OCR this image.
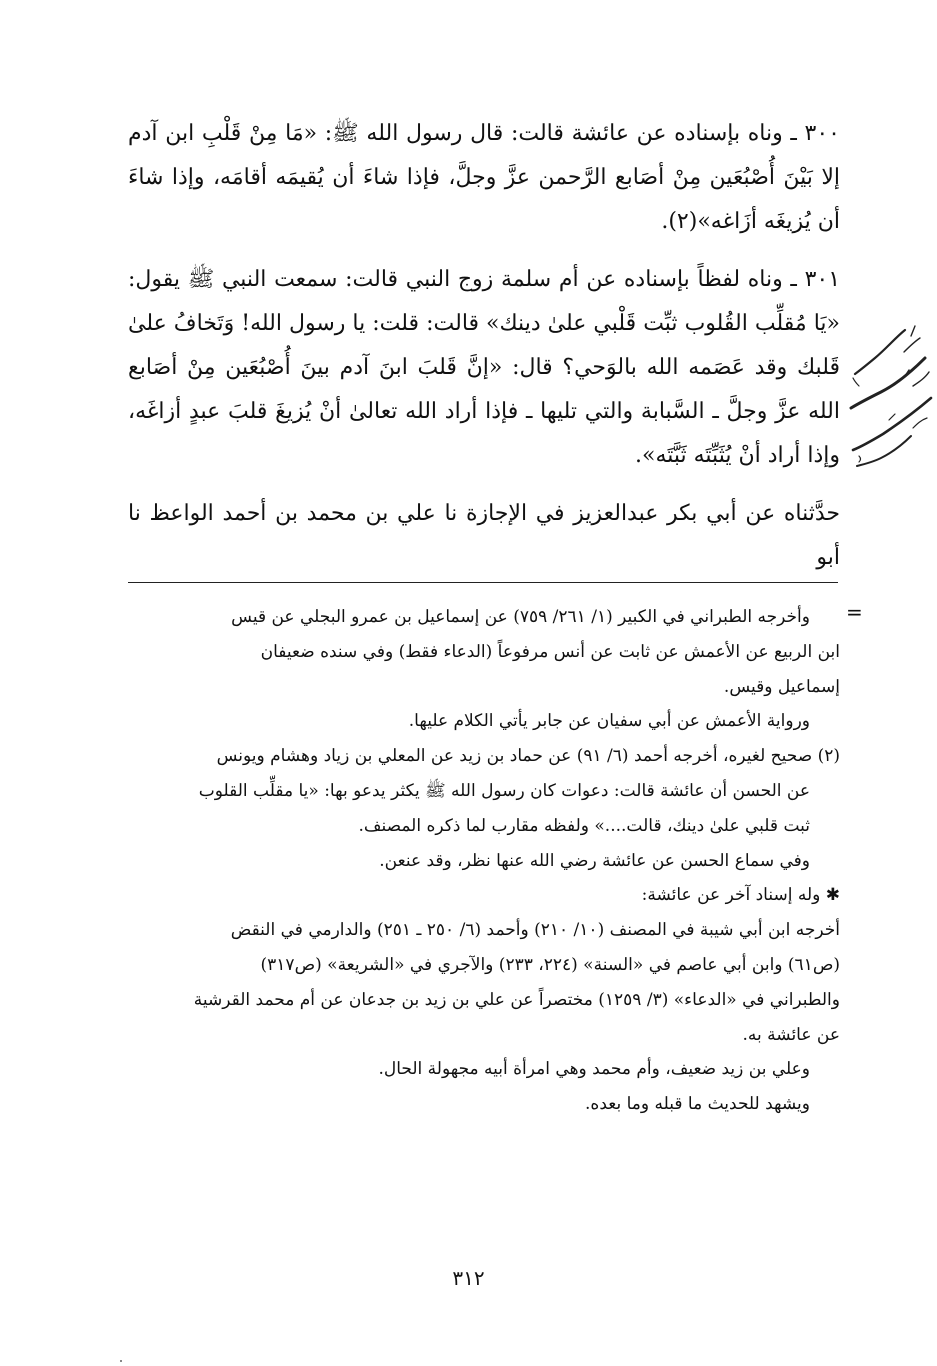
٣٠٠ ـ وناه بإسناده عن عائشة قالت: قال رسول الله ﷺ: «مَا مِنْ قَلْبِ ابن آدم إلا بَيْنَ أُصْبُعَين مِنْ أصَابع الرَّحمن عزَّ وجلَّ، فإذا شاءَ أن يُقيمَه أقامَه، وإذا شاءَ أن يُزيغَه أزَاغه»(٢).

٣٠١ ـ وناه لفظاً بإسناده عن أم سلمة زوج النبي قالت: سمعت النبي ﷺ يقول: «يَا مُقلِّب القُلوب ثبِّت قَلْبي علىٰ دينك» قالت: قلت: يا رسول الله! وَتَخافُ علىٰ قَلبك وقد عَصَمه الله بالوَحي؟ قال: «إنَّ قَلبَ ابنَ آدم بينَ أُصْبُعَين مِنْ أصَابع الله عزَّ وجلَّ ـ السَّبابة والتي تليها ـ فإذا أراد الله تعالىٰ أنْ يُزيغَ قلبَ عبدٍ أزاغَه، وإذا أراد أنْ يُثَبِّتَه ثَبَّتَه».

حدَّثناه عن أبي بكر عبدالعزيز في الإجازة نا علي بن محمد بن أحمد الواعظ نا أبو

=
وأخرجه الطبراني في الكبير (١/ ٢٦١/ ٧٥٩) عن إسماعيل بن عمرو البجلي عن قيس
ابن الربيع عن الأعمش عن ثابت عن أنس مرفوعاً (الدعاء فقط) وفي سنده ضعيفان
إسماعيل وقيس.
ورواية الأعمش عن أبي سفيان عن جابر يأتي الكلام عليها.
(٢) صحيح لغيره، أخرجه أحمد (٦/ ٩١) عن حماد بن زيد عن المعلي بن زياد وهشام ويونس
عن الحسن أن عائشة قالت: دعوات كان رسول الله ﷺ يكثر يدعو بها: «يا مقلِّب القلوب
ثبت قلبي علىٰ دينك، قالت....» ولفظه مقارب لما ذكره المصنف.
وفي سماع الحسن عن عائشة رضي الله عنها نظر، وقد عنعن.
✱ وله إسناد آخر عن عائشة:
أخرجه ابن أبي شيبة في المصنف (١٠/ ٢١٠) وأحمد (٦/ ٢٥٠ ـ ٢٥١) والدارمي في النقض
(ص٦١) وابن أبي عاصم في «السنة» (٢٢٤، ٢٣٣) والآجري في «الشريعة» (ص٣١٧)
والطبراني في «الدعاء» (٣/ ١٢٥٩) مختصراً عن علي بن زيد بن جدعان عن أم محمد القرشية
عن عائشة به.
وعلي بن زيد ضعيف، وأم محمد وهي امرأة أبيه مجهولة الحال.
ويشهد للحديث ما قبله وما بعده.
٣١٢
